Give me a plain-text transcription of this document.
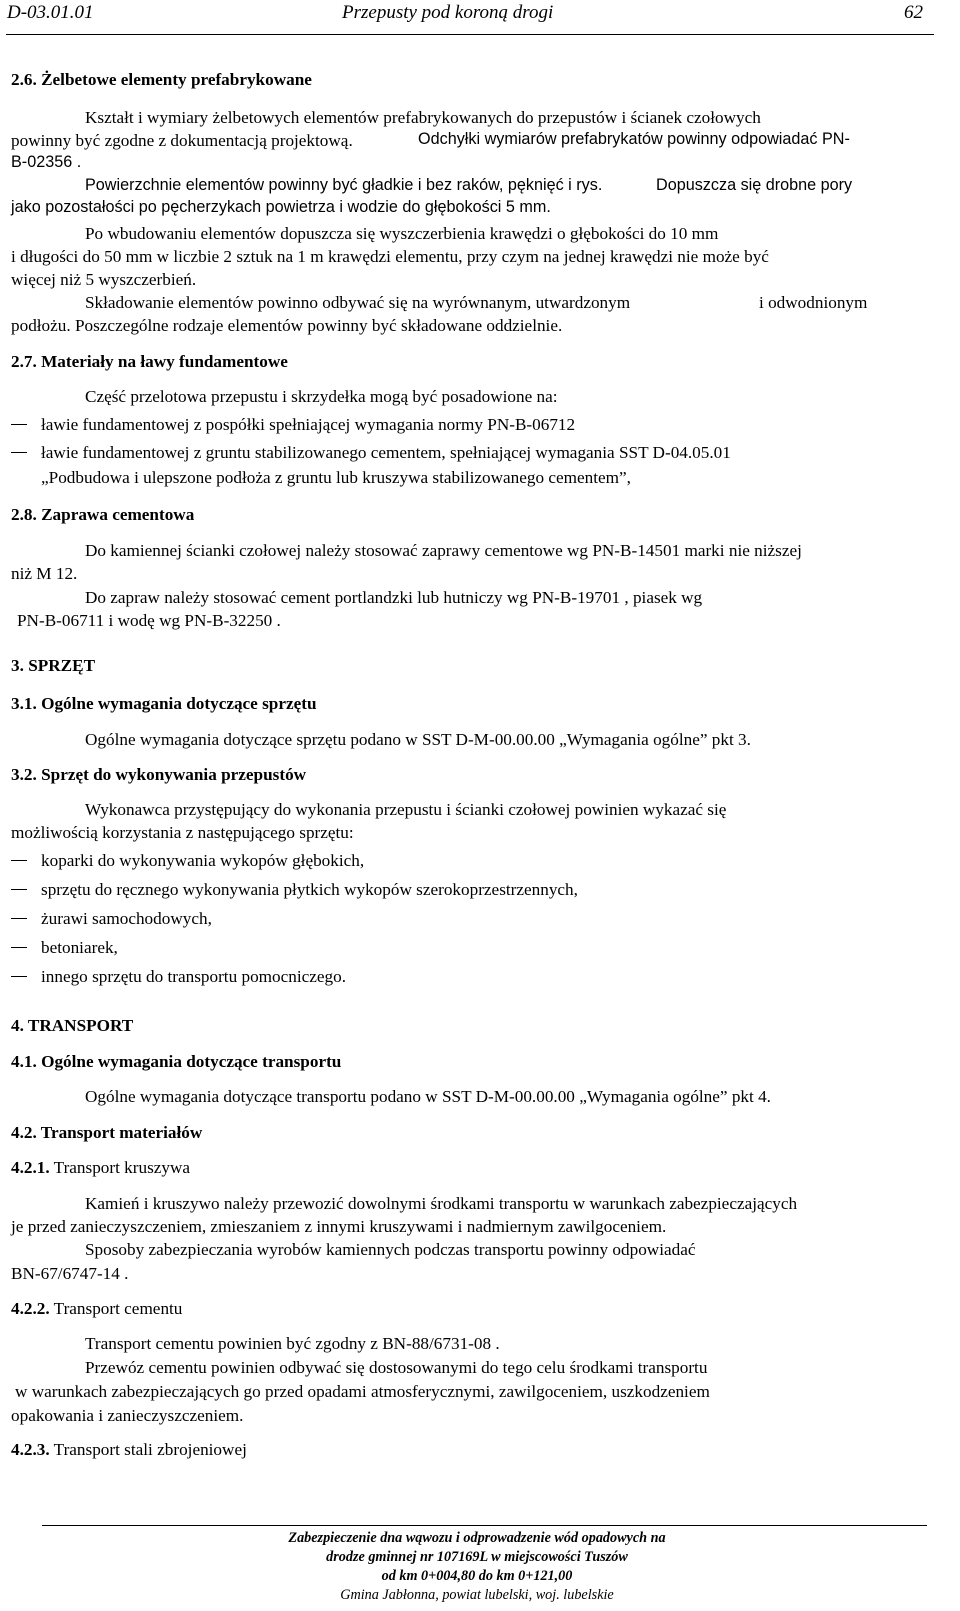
D-03.01.01	Przepusty pod koroną drogi	62
2.6. Żelbetowe elementy prefabrykowane
Kształt i wymiary żelbetowych elementów prefabrykowanych do przepustów i ścianek czołowych
powinny być zgodne z dokumentacją projektową.	Odchyłki wymiarów prefabrykatów powinny odpowiadać PN-
B-02356 .
Powierzchnie elementów powinny być gładkie i bez raków, pęknięć i rys.	Dopuszcza się drobne pory
jako pozostałości po pęcherzykach powietrza i wodzie do głębokości 5 mm.
Po wbudowaniu elementów dopuszcza się wyszczerbienia krawędzi o głębokości do 10 mm
i długości do 50 mm w liczbie 2 sztuk na 1 m krawędzi elementu, przy czym na jednej krawędzi nie może być
więcej niż 5 wyszczerbień.
Składowanie elementów powinno odbywać się na wyrównanym, utwardzonym	i odwodnionym
podłożu. Poszczególne rodzaje elementów powinny być składowane oddzielnie.
2.7. Materiały na ławy fundamentowe
Część przelotowa przepustu i skrzydełka mogą być posadowione na:
ławie fundamentowej z pospółki spełniającej wymagania normy PN-B-06712
ławie fundamentowej z gruntu stabilizowanego cementem, spełniającej wymagania SST D-04.05.01
„Podbudowa i ulepszone podłoża z gruntu lub kruszywa stabilizowanego cementem”,
2.8. Zaprawa cementowa
Do kamiennej ścianki czołowej należy stosować zaprawy cementowe wg PN-B-14501 marki nie niższej
niż M 12.
Do zapraw należy stosować cement portlandzki lub hutniczy wg PN-B-19701 , piasek wg
PN-B-06711 i wodę wg PN-B-32250 .
3. SPRZĘT
3.1. Ogólne wymagania dotyczące sprzętu
Ogólne wymagania dotyczące sprzętu podano w SST D-M-00.00.00 „Wymagania ogólne” pkt 3.
3.2. Sprzęt do wykonywania przepustów
Wykonawca przystępujący do wykonania przepustu i ścianki czołowej powinien wykazać się
możliwością korzystania z następującego sprzętu:
koparki do wykonywania wykopów głębokich,
sprzętu do ręcznego wykonywania płytkich wykopów szerokoprzestrzennych,
żurawi samochodowych,
betoniarek,
innego sprzętu do transportu pomocniczego.
4. TRANSPORT
4.1. Ogólne wymagania dotyczące transportu
Ogólne wymagania dotyczące transportu podano w SST D-M-00.00.00 „Wymagania ogólne” pkt 4.
4.2. Transport materiałów
4.2.1. Transport kruszywa
Kamień i kruszywo należy przewozić dowolnymi środkami transportu w warunkach zabezpieczających
je przed zanieczyszczeniem, zmieszaniem z innymi kruszywami i nadmiernym zawilgoceniem.
Sposoby zabezpieczania wyrobów kamiennych podczas transportu powinny odpowiadać
BN-67/6747-14 .
4.2.2. Transport cementu
Transport cementu powinien być zgodny z BN-88/6731-08 .
Przewóz cementu powinien odbywać się dostosowanymi do tego celu środkami transportu
w warunkach zabezpieczających go przed opadami atmosferycznymi, zawilgoceniem, uszkodzeniem
opakowania i zanieczyszczeniem.
4.2.3. Transport stali zbrojeniowej
Zabezpieczenie dna wąwozu i odprowadzenie wód opadowych na
drodze gminnej nr 107169L w miejscowości Tuszów
od km 0+004,80 do km 0+121,00
Gmina Jabłonna, powiat lubelski, woj. lubelskie
